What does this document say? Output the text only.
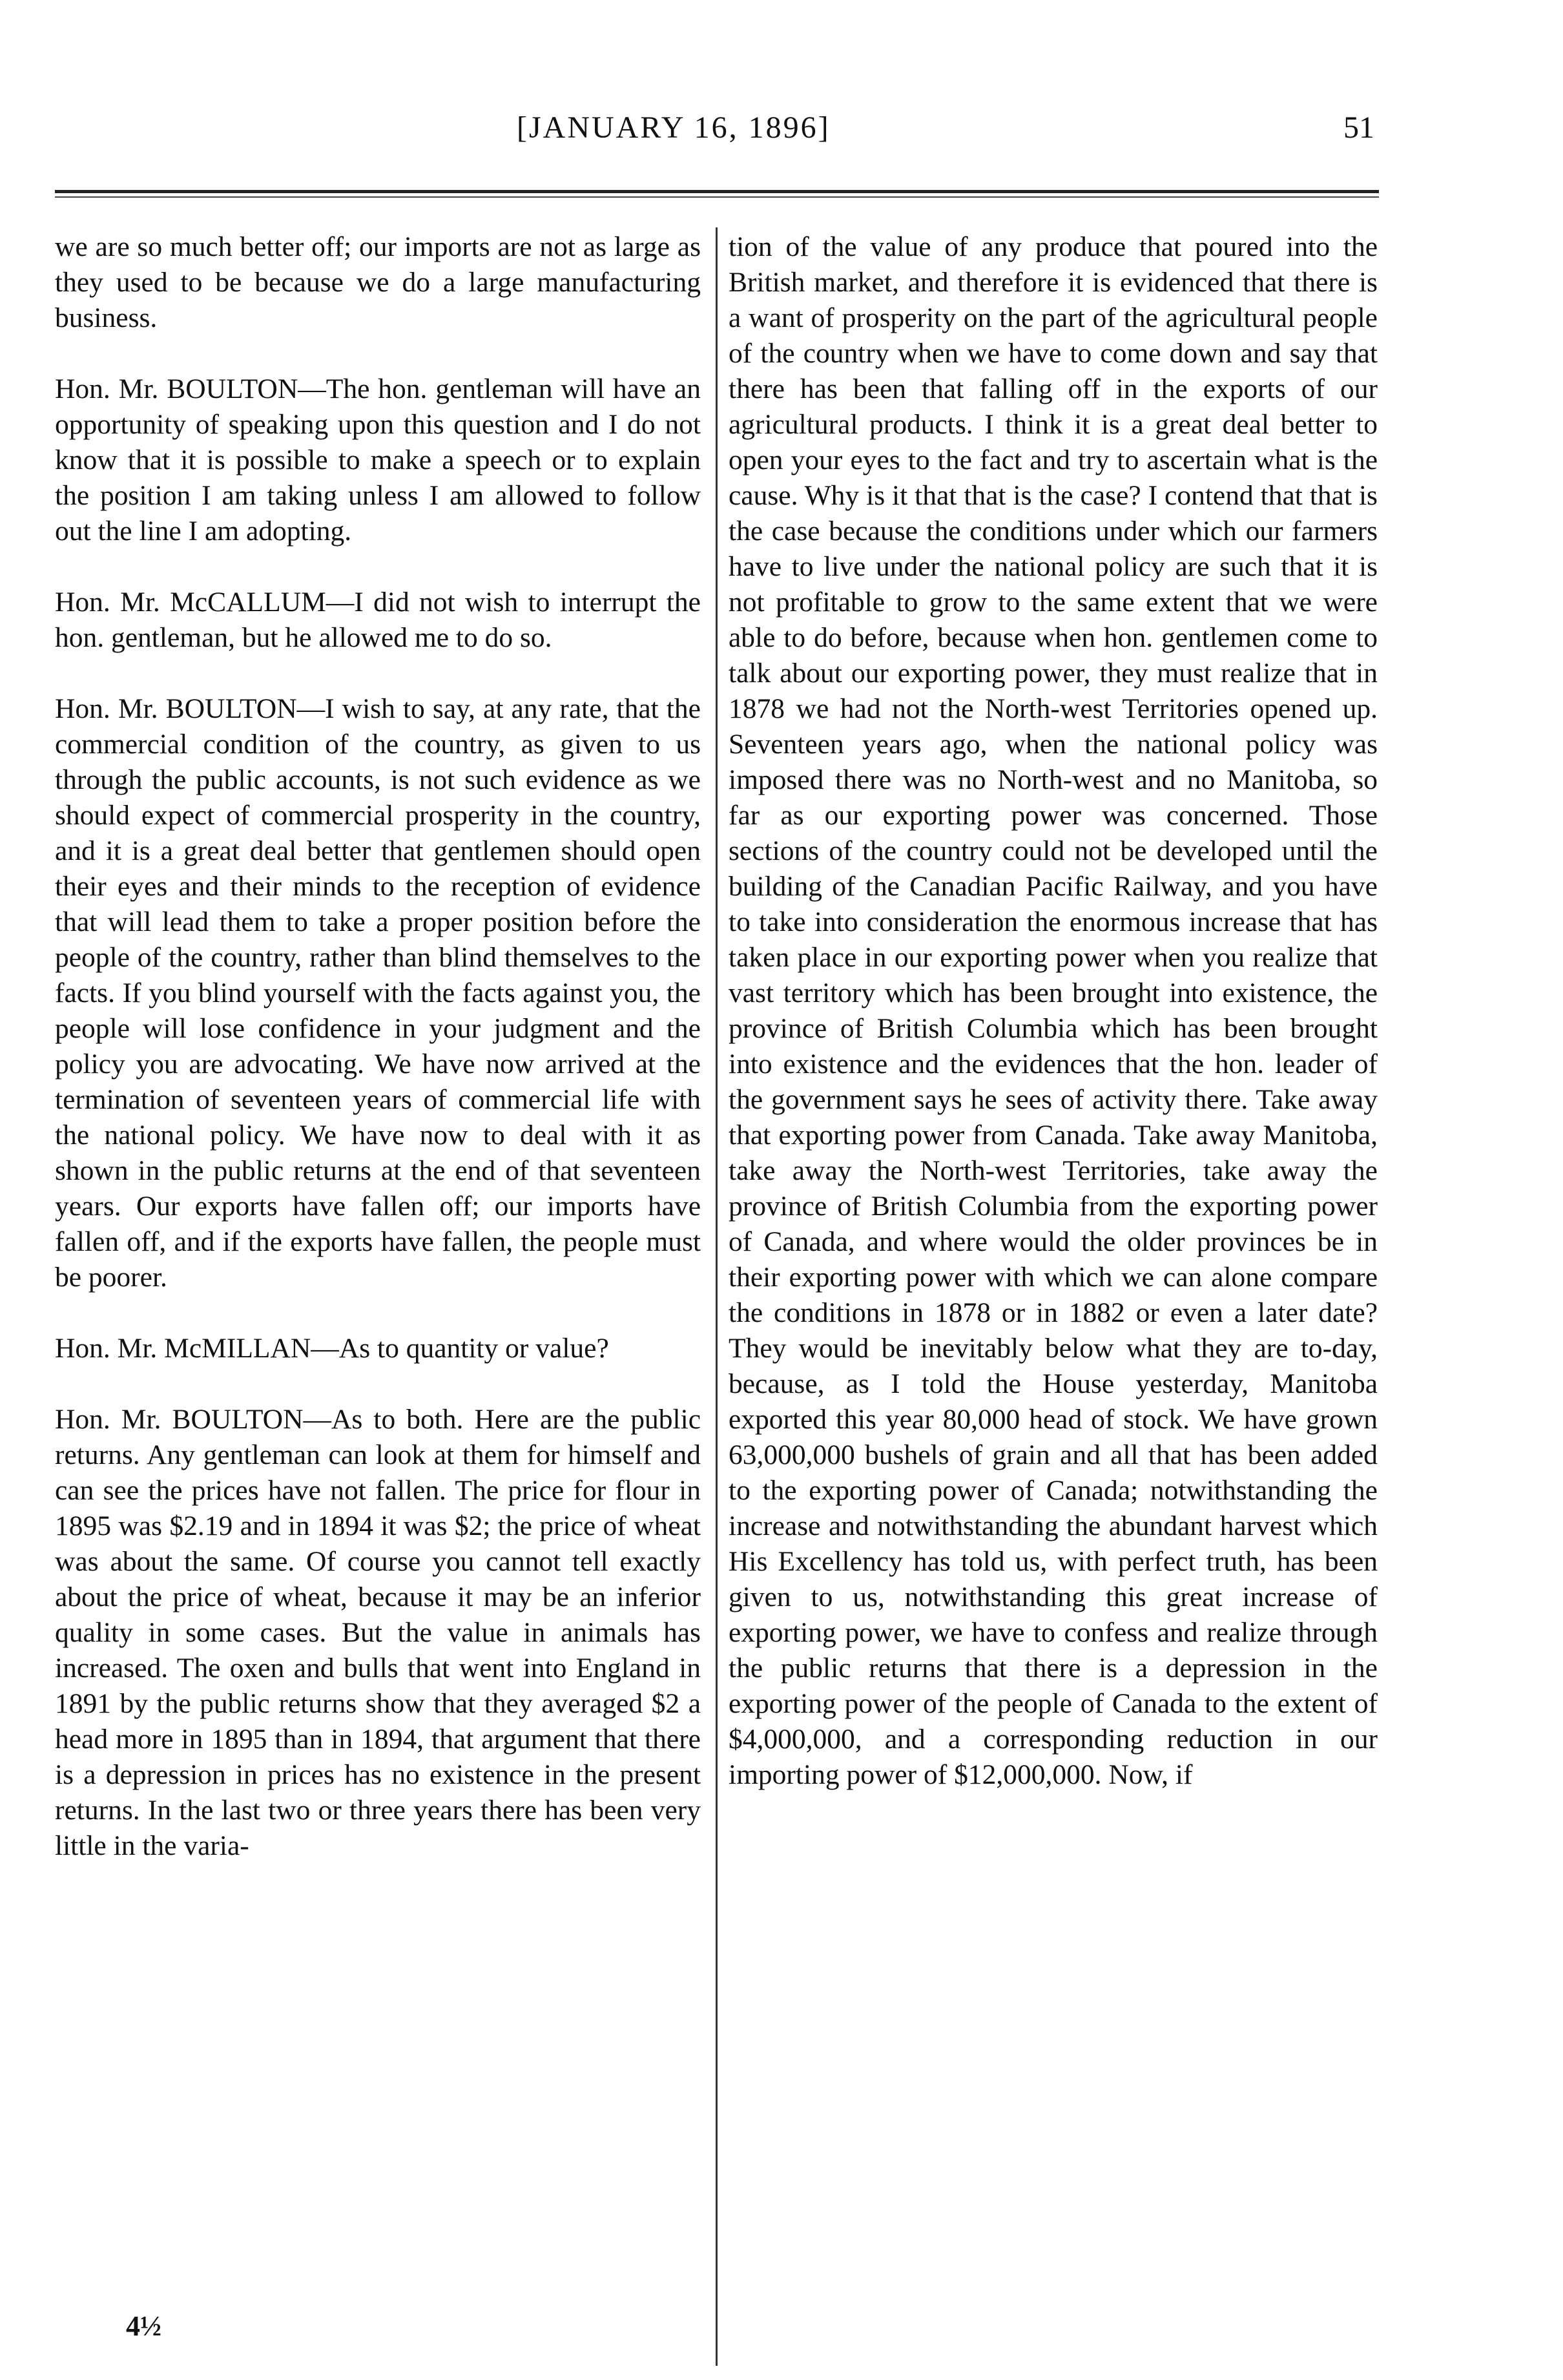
[JANUARY 16, 1896]	51

we are so much better off; our imports are not as large as they used to be because we do a large manufacturing business.

Hon. Mr. BOULTON—The hon. gentleman will have an opportunity of speaking upon this question and I do not know that it is possible to make a speech or to explain the position I am taking unless I am allowed to follow out the line I am adopting.

Hon. Mr. McCALLUM—I did not wish to interrupt the hon. gentleman, but he allowed me to do so.

Hon. Mr. BOULTON—I wish to say, at any rate, that the commercial condition of the country, as given to us through the public accounts, is not such evidence as we should expect of commercial prosperity in the country, and it is a great deal better that gentlemen should open their eyes and their minds to the reception of evidence that will lead them to take a proper position before the people of the country, rather than blind themselves to the facts. If you blind yourself with the facts against you, the people will lose confidence in your judgment and the policy you are advocating. We have now arrived at the termination of seventeen years of commercial life with the national policy. We have now to deal with it as shown in the public returns at the end of that seventeen years. Our exports have fallen off; our imports have fallen off, and if the exports have fallen, the people must be poorer.

Hon. Mr. McMILLAN—As to quantity or value?

Hon. Mr. BOULTON—As to both. Here are the public returns. Any gentleman can look at them for himself and can see the prices have not fallen. The price for flour in 1895 was $2.19 and in 1894 it was $2; the price of wheat was about the same. Of course you cannot tell exactly about the price of wheat, because it may be an inferior quality in some cases. But the value in animals has increased. The oxen and bulls that went into England in 1891 by the public returns show that they averaged $2 a head more in 1895 than in 1894, that argument that there is a depression in prices has no existence in the present returns. In the last two or three years there has been very little in the varia-

tion of the value of any produce that poured into the British market, and therefore it is evidenced that there is a want of prosperity on the part of the agricultural people of the country when we have to come down and say that there has been that falling off in the exports of our agricultural products. I think it is a great deal better to open your eyes to the fact and try to ascertain what is the cause. Why is it that that is the case? I contend that that is the case because the conditions under which our farmers have to live under the national policy are such that it is not profitable to grow to the same extent that we were able to do before, because when hon. gentlemen come to talk about our exporting power, they must realize that in 1878 we had not the North-west Territories opened up. Seventeen years ago, when the national policy was imposed there was no North-west and no Manitoba, so far as our exporting power was concerned. Those sections of the country could not be developed until the building of the Canadian Pacific Railway, and you have to take into consideration the enormous increase that has taken place in our exporting power when you realize that vast territory which has been brought into existence, the province of British Columbia which has been brought into existence and the evidences that the hon. leader of the government says he sees of activity there. Take away that exporting power from Canada. Take away Manitoba, take away the North-west Territories, take away the province of British Columbia from the exporting power of Canada, and where would the older provinces be in their exporting power with which we can alone compare the conditions in 1878 or in 1882 or even a later date? They would be inevitably below what they are to-day, because, as I told the House yesterday, Manitoba exported this year 80,000 head of stock. We have grown 63,000,000 bushels of grain and all that has been added to the exporting power of Canada; notwithstanding the increase and notwithstanding the abundant harvest which His Excellency has told us, with perfect truth, has been given to us, notwithstanding this great increase of exporting power, we have to confess and realize through the public returns that there is a depression in the exporting power of the people of Canada to the extent of $4,000,000, and a corresponding reduction in our importing power of $12,000,000. Now, if

4½
